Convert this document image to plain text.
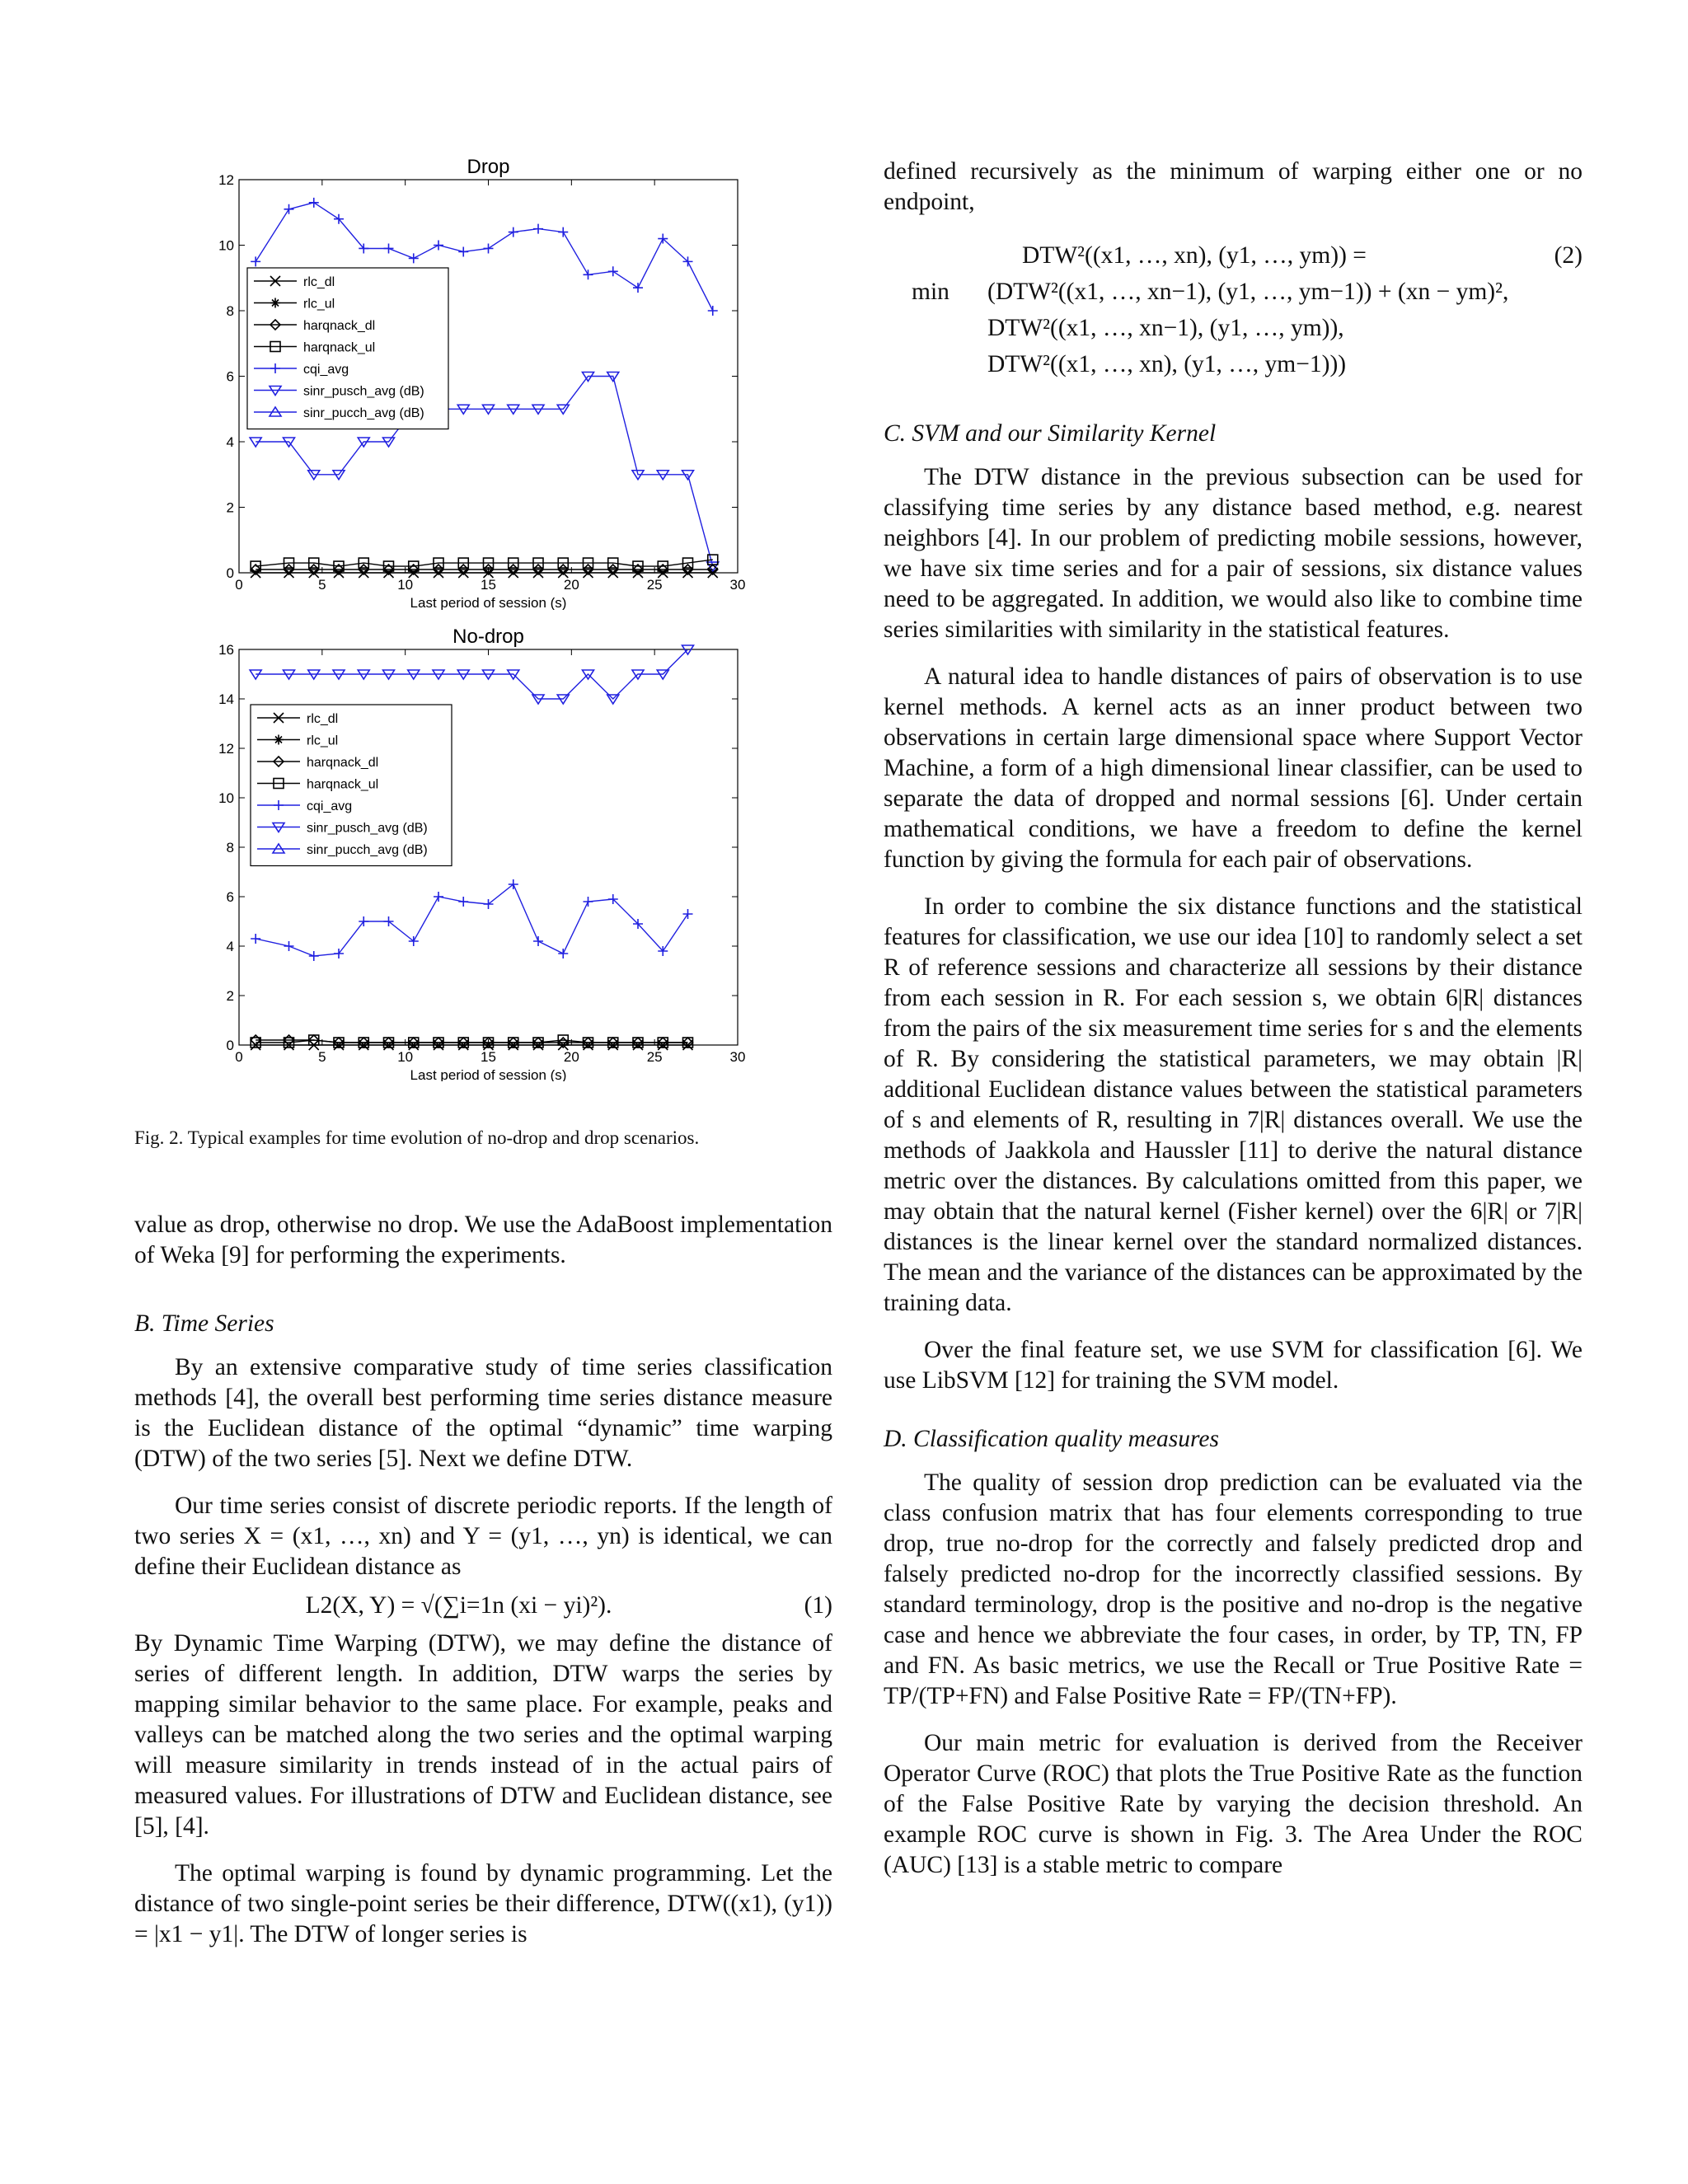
Drop
0	5	10	15	20	25	30
0
2
4
6
8
10
12
Last period of session (s)
rlc_dl
rlc_ul
harqnack_dl
harqnack_ul
cqi_avg
sinr_pusch_avg (dB)
sinr_pucch_avg (dB)
No-drop
0	5	10	15	20	25	30
0
2
4
6
8
10
12
14
16
Last period of session (s)
rlc_dl
rlc_ul
harqnack_dl
harqnack_ul
cqi_avg
sinr_pusch_avg (dB)
sinr_pucch_avg (dB)
Fig. 2. Typical examples for time evolution of no-drop and drop scenarios.

value as drop, otherwise no drop. We use the AdaBoost implementation of Weka [9] for performing the experiments.

B. Time Series

By an extensive comparative study of time series classification methods [4], the overall best performing time series distance measure is the Euclidean distance of the optimal “dynamic” time warping (DTW) of the two series [5]. Next we define DTW.

Our time series consist of discrete periodic reports. If the length of two series X = (x1, …, xn) and Y = (y1, …, yn) is identical, we can define their Euclidean distance as

L2(X, Y) = √(∑i=1n (xi − yi)²).	(1)

By Dynamic Time Warping (DTW), we may define the distance of series of different length. In addition, DTW warps the series by mapping similar behavior to the same place. For example, peaks and valleys can be matched along the two series and the optimal warping will measure similarity in trends instead of in the actual pairs of measured values. For illustrations of DTW and Euclidean distance, see [5], [4].

The optimal warping is found by dynamic programming. Let the distance of two single-point series be their difference, DTW((x1), (y1)) = |x1 − y1|. The DTW of longer series is

defined recursively as the minimum of warping either one or no endpoint,

DTW²((x1, …, xn), (y1, …, ym)) =	(2)
min (DTW²((x1, …, xn−1), (y1, …, ym−1)) + (xn − ym)²,
DTW²((x1, …, xn−1), (y1, …, ym)),
DTW²((x1, …, xn), (y1, …, ym−1)))

C. SVM and our Similarity Kernel

The DTW distance in the previous subsection can be used for classifying time series by any distance based method, e.g. nearest neighbors [4]. In our problem of predicting mobile sessions, however, we have six time series and for a pair of sessions, six distance values need to be aggregated. In addition, we would also like to combine time series similarities with similarity in the statistical features.

A natural idea to handle distances of pairs of observation is to use kernel methods. A kernel acts as an inner product between two observations in certain large dimensional space where Support Vector Machine, a form of a high dimensional linear classifier, can be used to separate the data of dropped and normal sessions [6]. Under certain mathematical conditions, we have a freedom to define the kernel function by giving the formula for each pair of observations.

In order to combine the six distance functions and the statistical features for classification, we use our idea [10] to randomly select a set R of reference sessions and characterize all sessions by their distance from each session in R. For each session s, we obtain 6|R| distances from the pairs of the six measurement time series for s and the elements of R. By considering the statistical parameters, we may obtain |R| additional Euclidean distance values between the statistical parameters of s and elements of R, resulting in 7|R| distances overall. We use the methods of Jaakkola and Haussler [11] to derive the natural distance metric over the distances. By calculations omitted from this paper, we may obtain that the natural kernel (Fisher kernel) over the 6|R| or 7|R| distances is the linear kernel over the standard normalized distances. The mean and the variance of the distances can be approximated by the training data.

Over the final feature set, we use SVM for classification [6]. We use LibSVM [12] for training the SVM model.

D. Classification quality measures

The quality of session drop prediction can be evaluated via the class confusion matrix that has four elements corresponding to true drop, true no-drop for the correctly and falsely predicted drop and falsely predicted no-drop for the incorrectly classified sessions. By standard terminology, drop is the positive and no-drop is the negative case and hence we abbreviate the four cases, in order, by TP, TN, FP and FN. As basic metrics, we use the Recall or True Positive Rate = TP/(TP+FN) and False Positive Rate = FP/(TN+FP).

Our main metric for evaluation is derived from the Receiver Operator Curve (ROC) that plots the True Positive Rate as the function of the False Positive Rate by varying the decision threshold. An example ROC curve is shown in Fig. 3. The Area Under the ROC (AUC) [13] is a stable metric to compare
